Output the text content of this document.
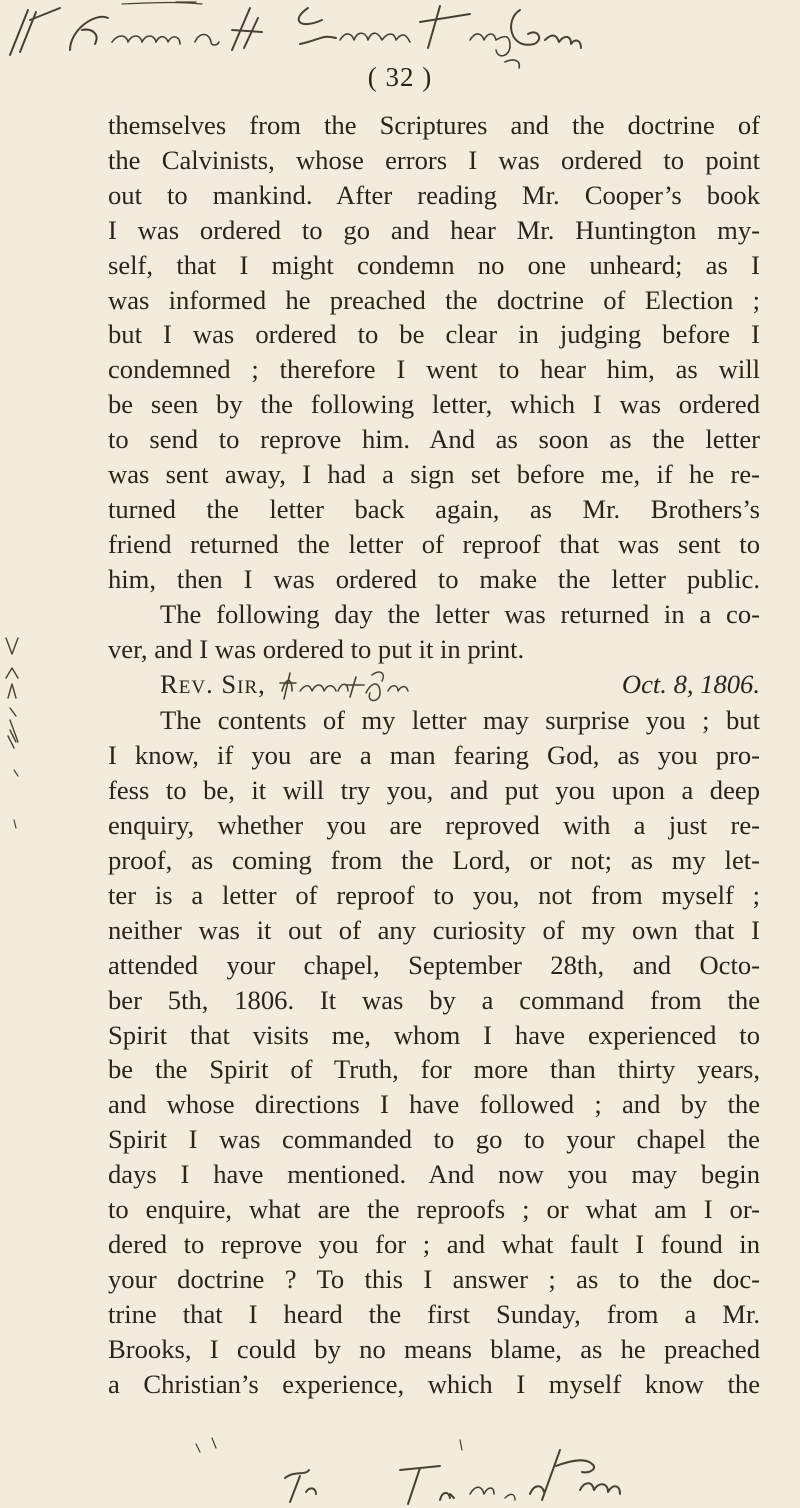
( 32 )
themselves from the Scriptures and the doctrine of
the Calvinists, whose errors I was ordered to point
out to mankind. After reading Mr. Cooper’s book
I was ordered to go and hear Mr. Huntington my-
self, that I might condemn no one unheard; as I
was informed he preached the doctrine of Election ;
but I was ordered to be clear in judging before I
condemned ; therefore I went to hear him, as will
be seen by the following letter, which I was ordered
to send to reprove him. And as soon as the letter
was sent away, I had a sign set before me, if he re-
turned the letter back again, as Mr. Brothers’s
friend returned the letter of reproof that was sent to
him, then I was ordered to make the letter public.
The following day the letter was returned in a co-
ver, and I was ordered to put it in print.
Rev. Sir,	Oct. 8, 1806.
The contents of my letter may surprise you ; but
I know, if you are a man fearing God, as you pro-
fess to be, it will try you, and put you upon a deep
enquiry, whether you are reproved with a just re-
proof, as coming from the Lord, or not; as my let-
ter is a letter of reproof to you, not from myself ;
neither was it out of any curiosity of my own that I
attended your chapel, September 28th, and Octo-
ber 5th, 1806. It was by a command from the
Spirit that visits me, whom I have experienced to
be the Spirit of Truth, for more than thirty years,
and whose directions I have followed ; and by the
Spirit I was commanded to go to your chapel the
days I have mentioned. And now you may begin
to enquire, what are the reproofs ; or what am I or-
dered to reprove you for ; and what fault I found in
your doctrine ? To this I answer ; as to the doc-
trine that I heard the first Sunday, from a Mr.
Brooks, I could by no means blame, as he preached
a Christian’s experience, which I myself know the
